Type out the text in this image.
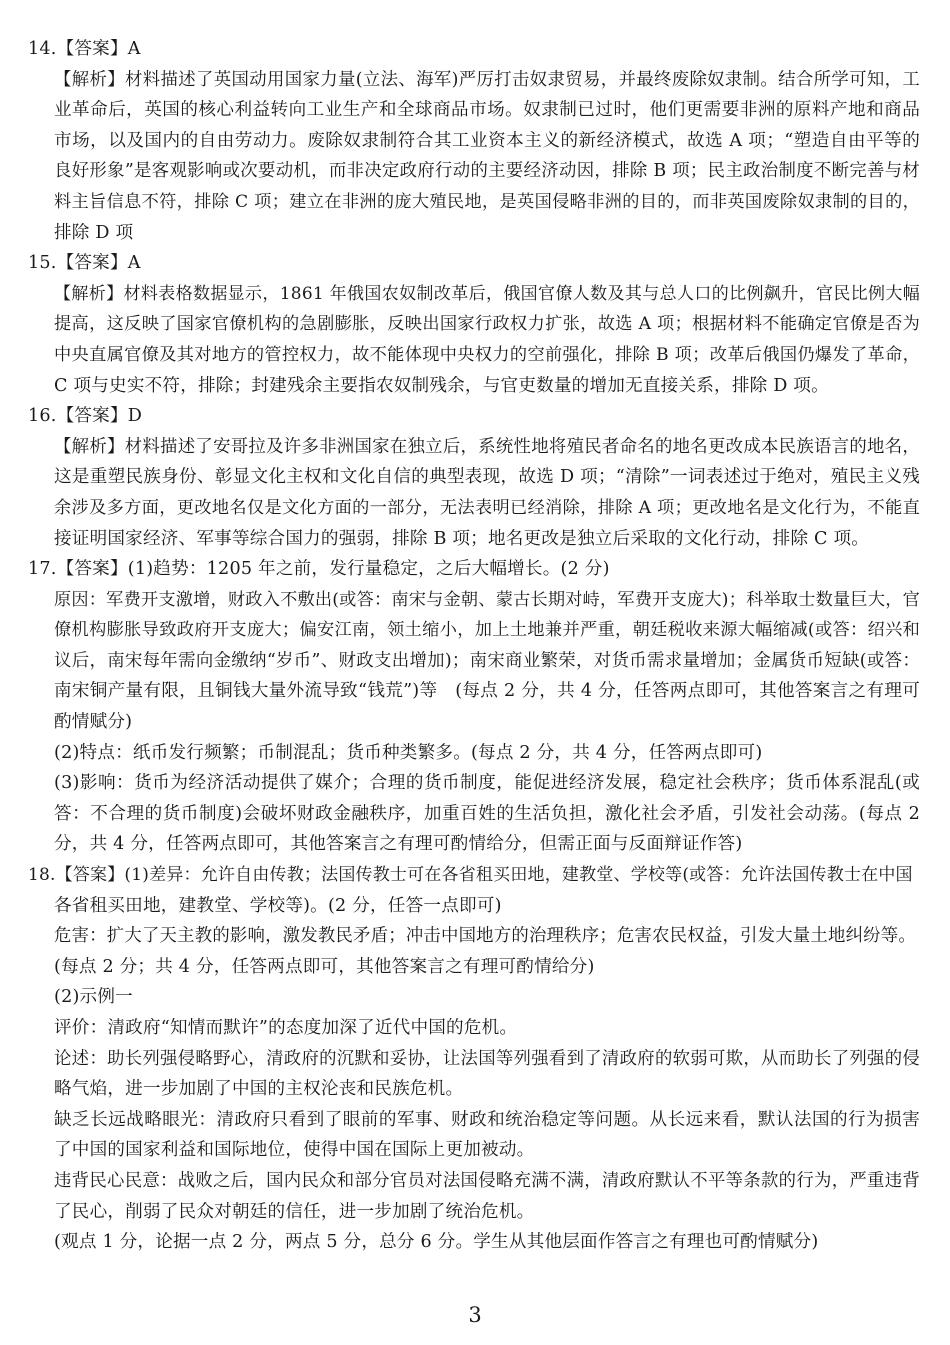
14.【答案】A
【解析】材料描述了英国动用国家力量(立法、海军)严厉打击奴隶贸易，并最终废除奴隶制。结合所学可知，工
业革命后，英国的核心利益转向工业生产和全球商品市场。奴隶制已过时，他们更需要非洲的原料产地和商品
市场，以及国内的自由劳动力。废除奴隶制符合其工业资本主义的新经济模式，故选 A 项；“塑造自由平等的
良好形象”是客观影响或次要动机，而非决定政府行动的主要经济动因，排除 B 项；民主政治制度不断完善与材
料主旨信息不符，排除 C 项；建立在非洲的庞大殖民地，是英国侵略非洲的目的，而非英国废除奴隶制的目的，
排除 D 项
15.【答案】A
【解析】材料表格数据显示，1861 年俄国农奴制改革后，俄国官僚人数及其与总人口的比例飙升，官民比例大幅
提高，这反映了国家官僚机构的急剧膨胀，反映出国家行政权力扩张，故选 A 项；根据材料不能确定官僚是否为
中央直属官僚及其对地方的管控权力，故不能体现中央权力的空前强化，排除 B 项；改革后俄国仍爆发了革命，
C 项与史实不符，排除；封建残余主要指农奴制残余，与官吏数量的增加无直接关系，排除 D 项。
16.【答案】D
【解析】材料描述了安哥拉及许多非洲国家在独立后，系统性地将殖民者命名的地名更改成本民族语言的地名，
这是重塑民族身份、彰显文化主权和文化自信的典型表现，故选 D 项；“清除”一词表述过于绝对，殖民主义残
余涉及多方面，更改地名仅是文化方面的一部分，无法表明已经消除，排除 A 项；更改地名是文化行为，不能直
接证明国家经济、军事等综合国力的强弱，排除 B 项；地名更改是独立后采取的文化行动，排除 C 项。
17.【答案】(1)趋势：1205 年之前，发行量稳定，之后大幅增长。(2 分)
原因：军费开支激增，财政入不敷出(或答：南宋与金朝、蒙古长期对峙，军费开支庞大)；科举取士数量巨大，官
僚机构膨胀导致政府开支庞大；偏安江南，领土缩小，加上土地兼并严重，朝廷税收来源大幅缩减(或答：绍兴和
议后，南宋每年需向金缴纳“岁币”、财政支出增加)；南宋商业繁荣，对货币需求量增加；金属货币短缺(或答：
南宋铜产量有限，且铜钱大量外流导致“钱荒”)等　(每点 2 分，共 4 分，任答两点即可，其他答案言之有理可
酌情赋分)
(2)特点：纸币发行频繁；币制混乱；货币种类繁多。(每点 2 分，共 4 分，任答两点即可)
(3)影响：货币为经济活动提供了媒介；合理的货币制度，能促进经济发展，稳定社会秩序；货币体系混乱(或
答：不合理的货币制度)会破坏财政金融秩序，加重百姓的生活负担，激化社会矛盾，引发社会动荡。(每点 2
分，共 4 分，任答两点即可，其他答案言之有理可酌情给分，但需正面与反面辩证作答)
18.【答案】(1)差异：允许自由传教；法国传教士可在各省租买田地，建教堂、学校等(或答：允许法国传教士在中国
各省租买田地，建教堂、学校等)。(2 分，任答一点即可)
危害：扩大了天主教的影响，激发教民矛盾；冲击中国地方的治理秩序；危害农民权益，引发大量土地纠纷等。
(每点 2 分；共 4 分，任答两点即可，其他答案言之有理可酌情给分)
(2)示例一
评价：清政府“知情而默许”的态度加深了近代中国的危机。
论述：助长列强侵略野心，清政府的沉默和妥协，让法国等列强看到了清政府的软弱可欺，从而助长了列强的侵
略气焰，进一步加剧了中国的主权沦丧和民族危机。
缺乏长远战略眼光：清政府只看到了眼前的军事、财政和统治稳定等问题。从长远来看，默认法国的行为损害
了中国的国家利益和国际地位，使得中国在国际上更加被动。
违背民心民意：战败之后，国内民众和部分官员对法国侵略充满不满，清政府默认不平等条款的行为，严重违背
了民心，削弱了民众对朝廷的信任，进一步加剧了统治危机。
(观点 1 分，论据一点 2 分，两点 5 分，总分 6 分。学生从其他层面作答言之有理也可酌情赋分)
3
